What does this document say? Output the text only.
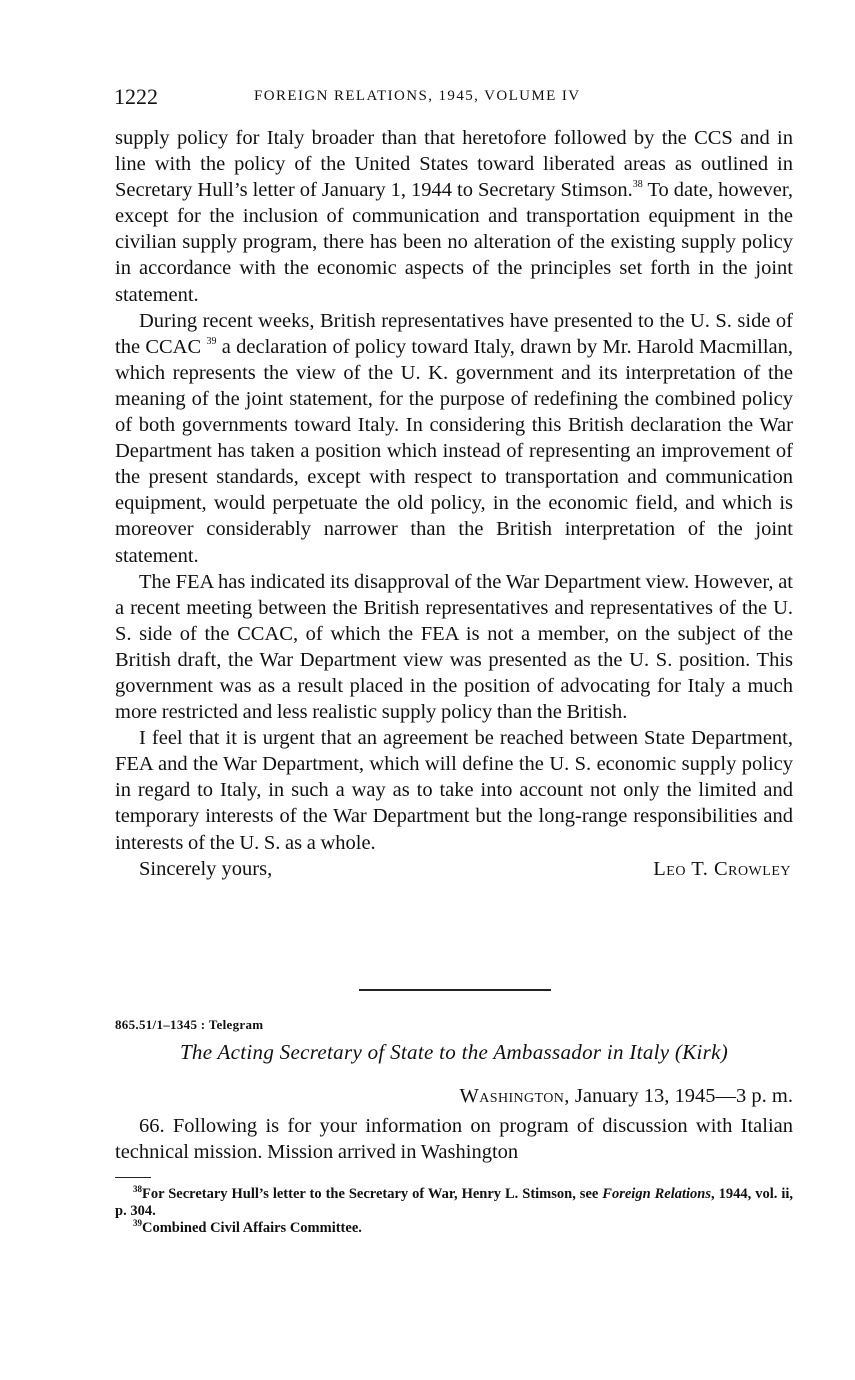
1222	FOREIGN RELATIONS, 1945, VOLUME IV

supply policy for Italy broader than that heretofore followed by the CCS and in line with the policy of the United States toward liberated areas as outlined in Secretary Hull’s letter of January 1, 1944 to Secretary Stimson.$^{38}$ To date, however, except for the inclusion of communication and transportation equipment in the civilian supply program, there has been no alteration of the existing supply policy in accordance with the economic aspects of the principles set forth in the joint statement.

During recent weeks, British representatives have presented to the U. S. side of the CCAC $^{39}$ a declaration of policy toward Italy, drawn by Mr. Harold Macmillan, which represents the view of the U. K. government and its interpretation of the meaning of the joint statement, for the purpose of redefining the combined policy of both governments toward Italy. In considering this British declaration the War Department has taken a position which instead of representing an improvement of the present standards, except with respect to transportation and communication equipment, would perpetuate the old policy, in the economic field, and which is moreover considerably narrower than the British interpretation of the joint statement.

The FEA has indicated its disapproval of the War Department view. However, at a recent meeting between the British representatives and representatives of the U. S. side of the CCAC, of which the FEA is not a member, on the subject of the British draft, the War Department view was presented as the U. S. position. This government was as a result placed in the position of advocating for Italy a much more restricted and less realistic supply policy than the British.

I feel that it is urgent that an agreement be reached between State Department, FEA and the War Department, which will define the U. S. economic supply policy in regard to Italy, in such a way as to take into account not only the limited and temporary interests of the War Department but the long-range responsibilities and interests of the U. S. as a whole.

Sincerely yours,	Leo T. Crowley
865.51/1–1345 : Telegram
The Acting Secretary of State to the Ambassador in Italy (Kirk)
Washington, January 13, 1945—3 p. m.

66. Following is for your information on program of discussion with Italian technical mission. Mission arrived in Washington

$^{38}$For Secretary Hull’s letter to the Secretary of War, Henry L. Stimson, see Foreign Relations, 1944, vol. ii, p. 304.

$^{39}$Combined Civil Affairs Committee.
